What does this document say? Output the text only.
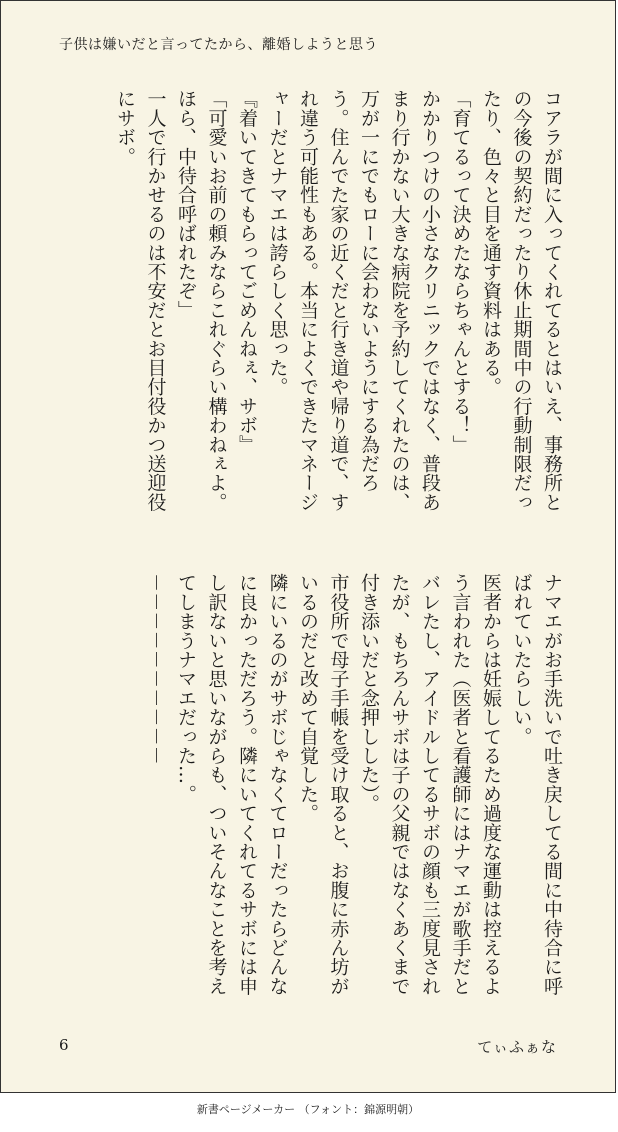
子供は嫌いだと言ってたから、離婚しようと思う

コアラが間に入ってくれてるとはいえ、事務所との今後の契約だったり休止期間中の行動制限だったり、色々と目を通す資料はある。

「育てるって決めたならちゃんとする！」

かかりつけの小さなクリニックではなく、普段あまり行かない大きな病院を予約してくれたのは、万が一にでもローに会わないようにする為だろう。住んでた家の近くだと行き道や帰り道で、すれ違う可能性もある。本当によくできたマネージャーだとナマエは誇らしく思った。

『着いてきてもらってごめんねぇ、サボ』

「可愛いお前の頼みならこれぐらい構わねぇよ。ほら、中待合呼ばれたぞ」

一人で行かせるのは不安だとお目付役かつ送迎役にサボ。

ナマエがお手洗いで吐き戻してる間に中待合に呼ばれていたらしい。

医者からは妊娠してるため過度な運動は控えるよう言われた（医者と看護師にはナマエが歌手だとバレたし、アイドルしてるサボの顔も三度見されたが、もちろんサボは子の父親ではなくあくまで付き添いだと念押しした）。

市役所で母子手帳を受け取ると、お腹に赤ん坊がいるのだと改めて自覚した。

隣にいるのがサボじゃなくてローだったらどんなに良かっただろう。隣にいてくれてるサボには申し訳ないと思いながらも、ついそんなことを考えてしまうナマエだった…。

－－－－－－－－－－

6	てぃふぁな
新書ページメーカー （フォント：錦源明朝）
